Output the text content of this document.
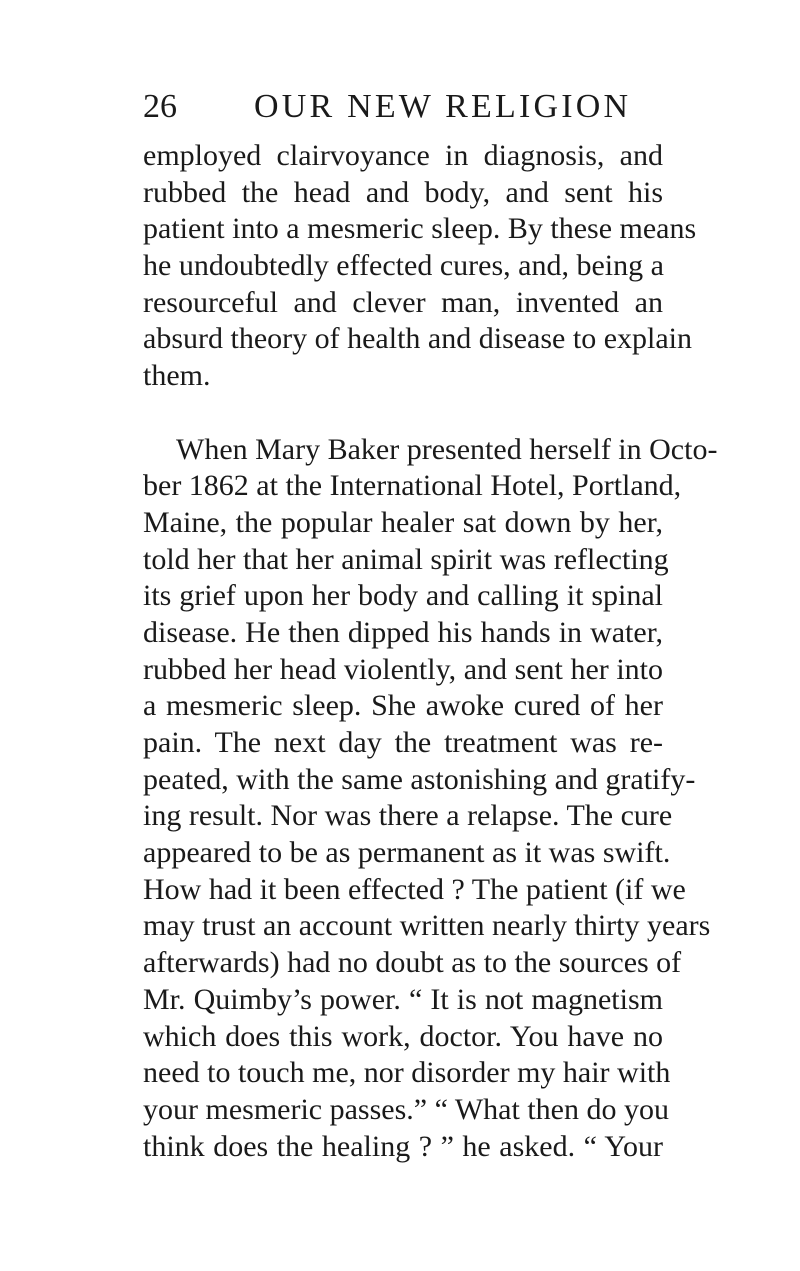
26 OUR NEW RELIGION
employed clairvoyance in diagnosis, and
rubbed the head and body, and sent his
patient into a mesmeric sleep. By these means
he undoubtedly effected cures, and, being a
resourceful and clever man, invented an
absurd theory of health and disease to explain
them.
When Mary Baker presented herself in Octo-
ber 1862 at the International Hotel, Portland,
Maine, the popular healer sat down by her,
told her that her animal spirit was reflecting
its grief upon her body and calling it spinal
disease. He then dipped his hands in water,
rubbed her head violently, and sent her into
a mesmeric sleep. She awoke cured of her
pain. The next day the treatment was re-
peated, with the same astonishing and gratify-
ing result. Nor was there a relapse. The cure
appeared to be as permanent as it was swift.
How had it been effected ? The patient (if we
may trust an account written nearly thirty years
afterwards) had no doubt as to the sources of
Mr. Quimby’s power. “ It is not magnetism
which does this work, doctor. You have no
need to touch me, nor disorder my hair with
your mesmeric passes.” “ What then do you
think does the healing ? ” he asked. “ Your
